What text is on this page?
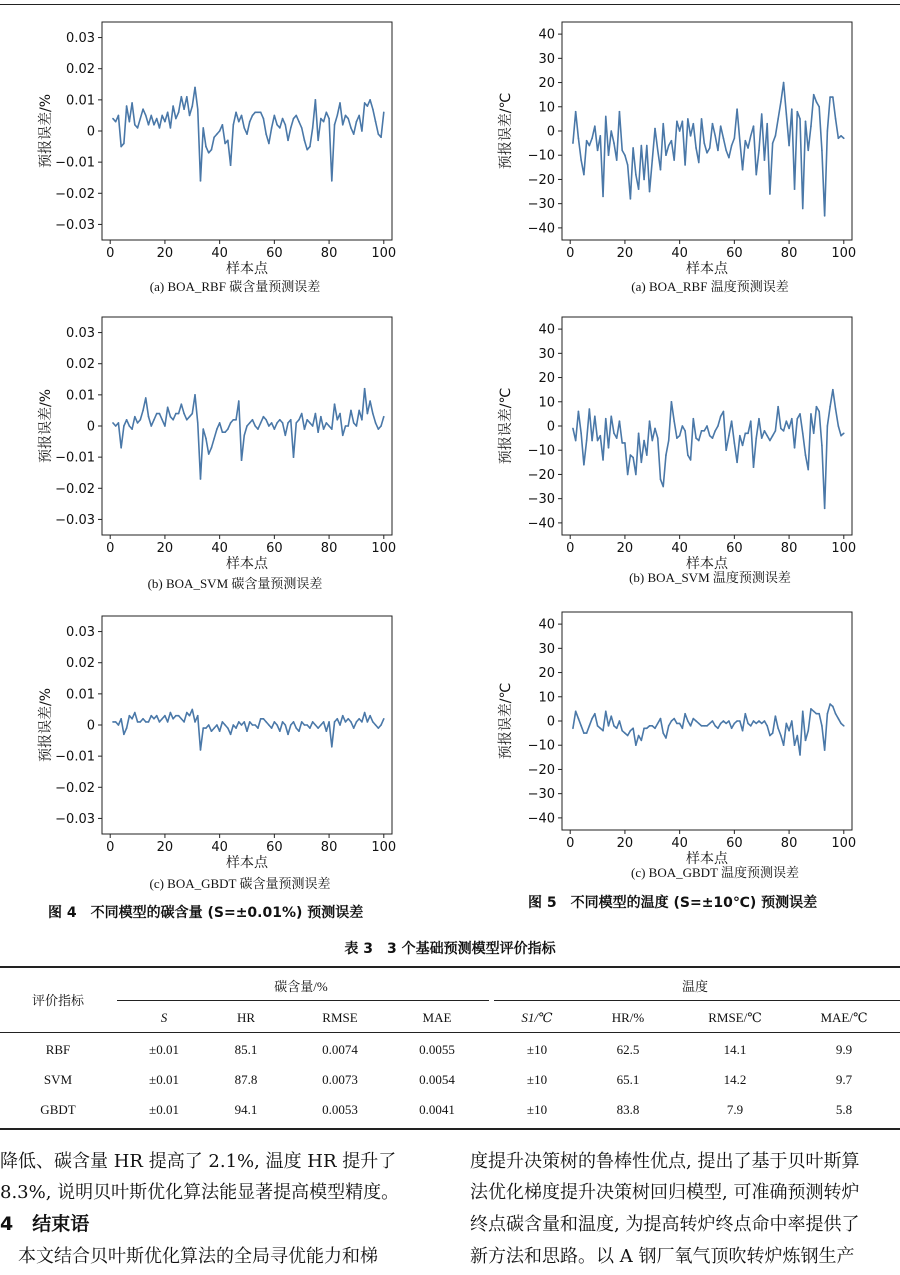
0	20	40	60	80	100
−0.03
−0.02
−0.01
0
0.01
0.02
0.03
样本点
预报误差/%
(a) BOA_RBF 碳含量预测误差
0	20	40	60	80	100
−0.03
−0.02
−0.01
0
0.01
0.02
0.03
样本点
预报误差/%
(b) BOA_SVM 碳含量预测误差
0	20	40	60	80	100
−0.03
−0.02
−0.01
0
0.01
0.02
0.03
样本点
预报误差/%
(c) BOA_GBDT 碳含量预测误差
图 4　不同模型的碳含量 (S=±0.01%) 预测误差
0	20	40	60	80	100
−40
−30
−20
−10
0
10
20
30
40
样本点
预报误差/℃
(a) BOA_RBF 温度预测误差
0	20	40	60	80	100
−40
−30
−20
−10
0
10
20
30
40
样本点
预报误差/℃
(b) BOA_SVM 温度预测误差
0	20	40	60	80	100
−40
−30
−20
−10
0
10
20
30
40
样本点
预报误差/℃
(c) BOA_GBDT 温度预测误差
图 5　不同模型的温度 (S=±10℃) 预测误差
表 3　3 个基础预测模型评价指标
评价指标
碳含量/%	温度
S	HR	RMSE	MAE	S1/℃	HR/%	RMSE/℃	MAE/℃
RBF	±0.01	85.1	0.0074	0.0055	±10	62.5	14.1	9.9
SVM	±0.01	87.8	0.0073	0.0054	±10	65.1	14.2	9.7
GBDT	±0.01	94.1	0.0053	0.0041	±10	83.8	7.9	5.8
降低、碳含量 HR 提高了 2.1%, 温度 HR 提升了
8.3%, 说明贝叶斯优化算法能显著提高模型精度。
4　结束语
　本文结合贝叶斯优化算法的全局寻优能力和梯
度提升决策树的鲁棒性优点, 提出了基于贝叶斯算
法优化梯度提升决策树回归模型, 可准确预测转炉
终点碳含量和温度, 为提高转炉终点命中率提供了
新方法和思路。以 A 钢厂氧气顶吹转炉炼钢生产
